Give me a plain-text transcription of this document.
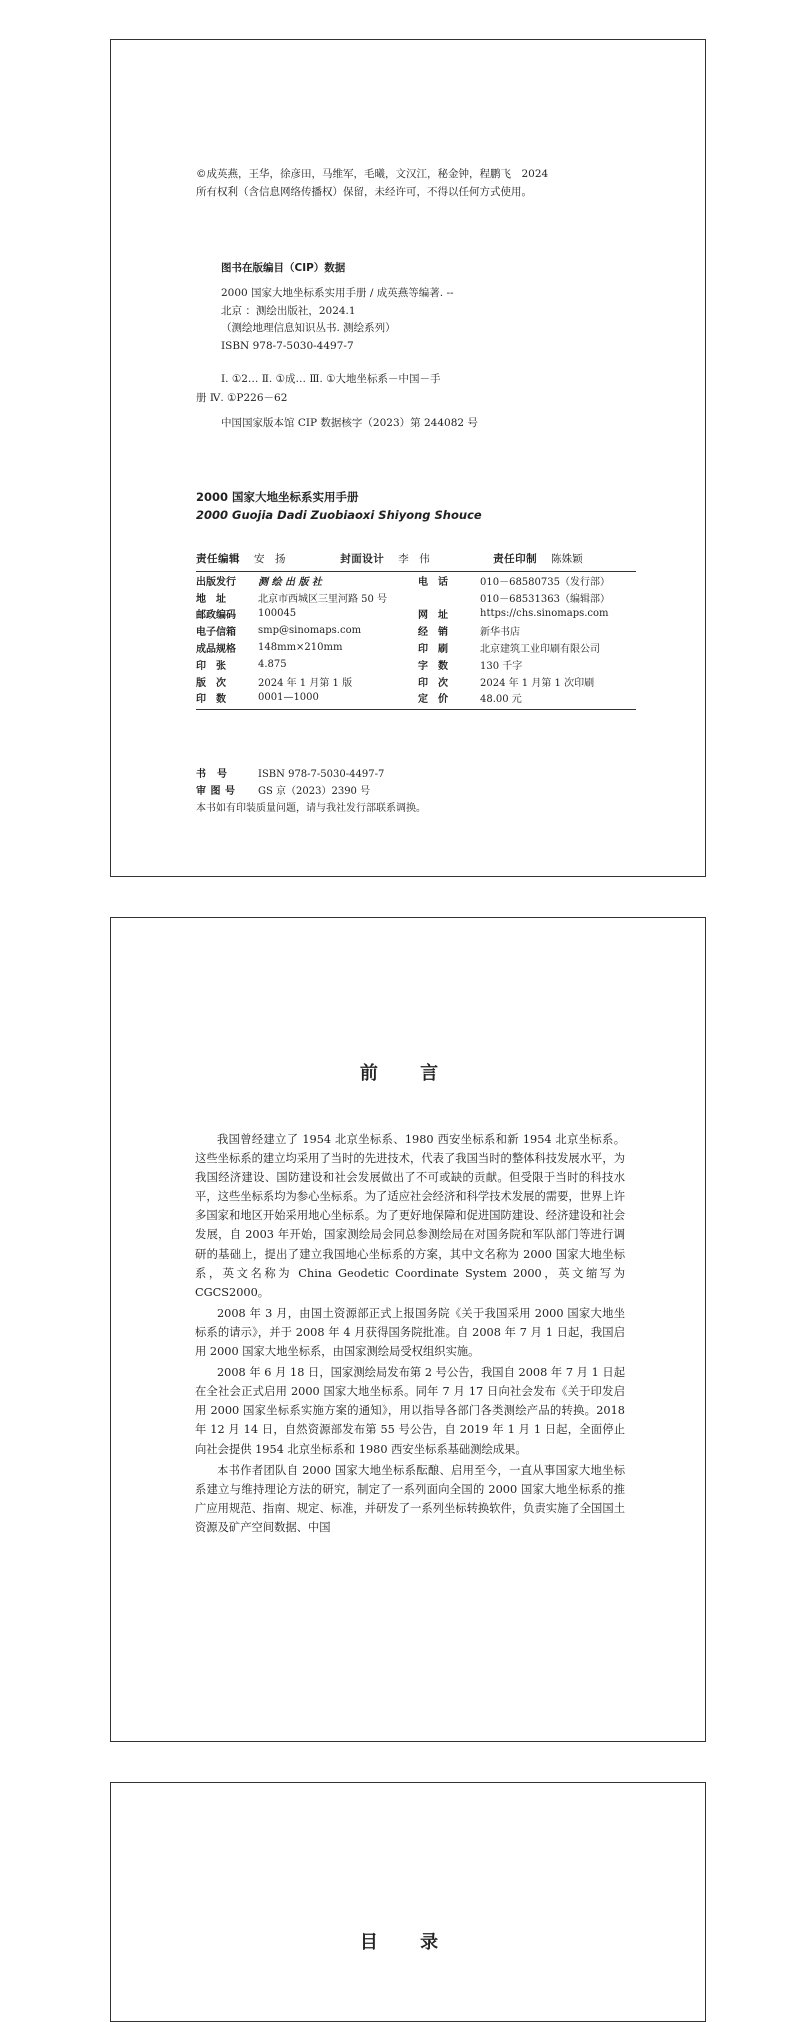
©成英燕，王华，徐彦田，马维军，毛曦，文汉江，秘金钟，程鹏飞　2024
所有权利（含信息网络传播权）保留，未经许可，不得以任何方式使用。
图书在版编目（CIP）数据
2000 国家大地坐标系实用手册 / 成英燕等编著. --
北京 ：测绘出版社，2024.1
（测绘地理信息知识丛书. 测绘系列）
ISBN 978-7-5030-4497-7
Ⅰ. ①2… Ⅱ. ①成… Ⅲ. ①大地坐标系－中国－手
册 Ⅳ. ①P226－62
中国国家版本馆 CIP 数据核字（2023）第 244082 号
2000 国家大地坐标系实用手册
2000 Guojia Dadi Zuobiaoxi Shiyong Shouce
责任编辑 安　扬	封面设计 李　伟	责任印制 陈姝颖
出版发行	测 绘 出 版 社	电　话	010－68580735（发行部）
地　址	北京市西城区三里河路 50 号		010－68531363（编辑部）
邮政编码	100045	网　址	https://chs.sinomaps.com
电子信箱	smp@sinomaps.com	经　销	新华书店
成品规格	148mm×210mm	印　刷	北京建筑工业印刷有限公司
印　张	4.875	字　数	130 千字
版　次	2024 年 1 月第 1 版	印　次	2024 年 1 月第 1 次印刷
印　数	0001—1000	定　价	48.00 元
书　号	ISBN 978-7-5030-4497-7
审 图 号 GS 京（2023）2390 号
本书如有印装质量问题，请与我社发行部联系调换。
前 言

我国曾经建立了 1954 北京坐标系、1980 西安坐标系和新 1954 北京坐标系。这些坐标系的建立均采用了当时的先进技术，代表了我国当时的整体科技发展水平，为我国经济建设、国防建设和社会发展做出了不可或缺的贡献。但受限于当时的科技水平，这些坐标系均为参心坐标系。为了适应社会经济和科学技术发展的需要，世界上许多国家和地区开始采用地心坐标系。为了更好地保障和促进国防建设、经济建设和社会发展，自 2003 年开始，国家测绘局会同总参测绘局在对国务院和军队部门等进行调研的基础上，提出了建立我国地心坐标系的方案，其中文名称为 2000 国家大地坐标系，英文名称为 China Geodetic Coordinate System 2000，英文缩写为 CGCS2000。

2008 年 3 月，由国土资源部正式上报国务院《关于我国采用 2000 国家大地坐标系的请示》，并于 2008 年 4 月获得国务院批准。自 2008 年 7 月 1 日起，我国启用 2000 国家大地坐标系，由国家测绘局受权组织实施。

2008 年 6 月 18 日，国家测绘局发布第 2 号公告，我国自 2008 年 7 月 1 日起在全社会正式启用 2000 国家大地坐标系。同年 7 月 17 日向社会发布《关于印发启用 2000 国家坐标系实施方案的通知》，用以指导各部门各类测绘产品的转换。2018 年 12 月 14 日，自然资源部发布第 55 号公告，自 2019 年 1 月 1 日起，全面停止向社会提供 1954 北京坐标系和 1980 西安坐标系基础测绘成果。

本书作者团队自 2000 国家大地坐标系酝酿、启用至今，一直从事国家大地坐标系建立与维持理论方法的研究，制定了一系列面向全国的 2000 国家大地坐标系的推广应用规范、指南、规定、标准，并研发了一系列坐标转换软件，负责实施了全国国土资源及矿产空间数据、中国

目 录
